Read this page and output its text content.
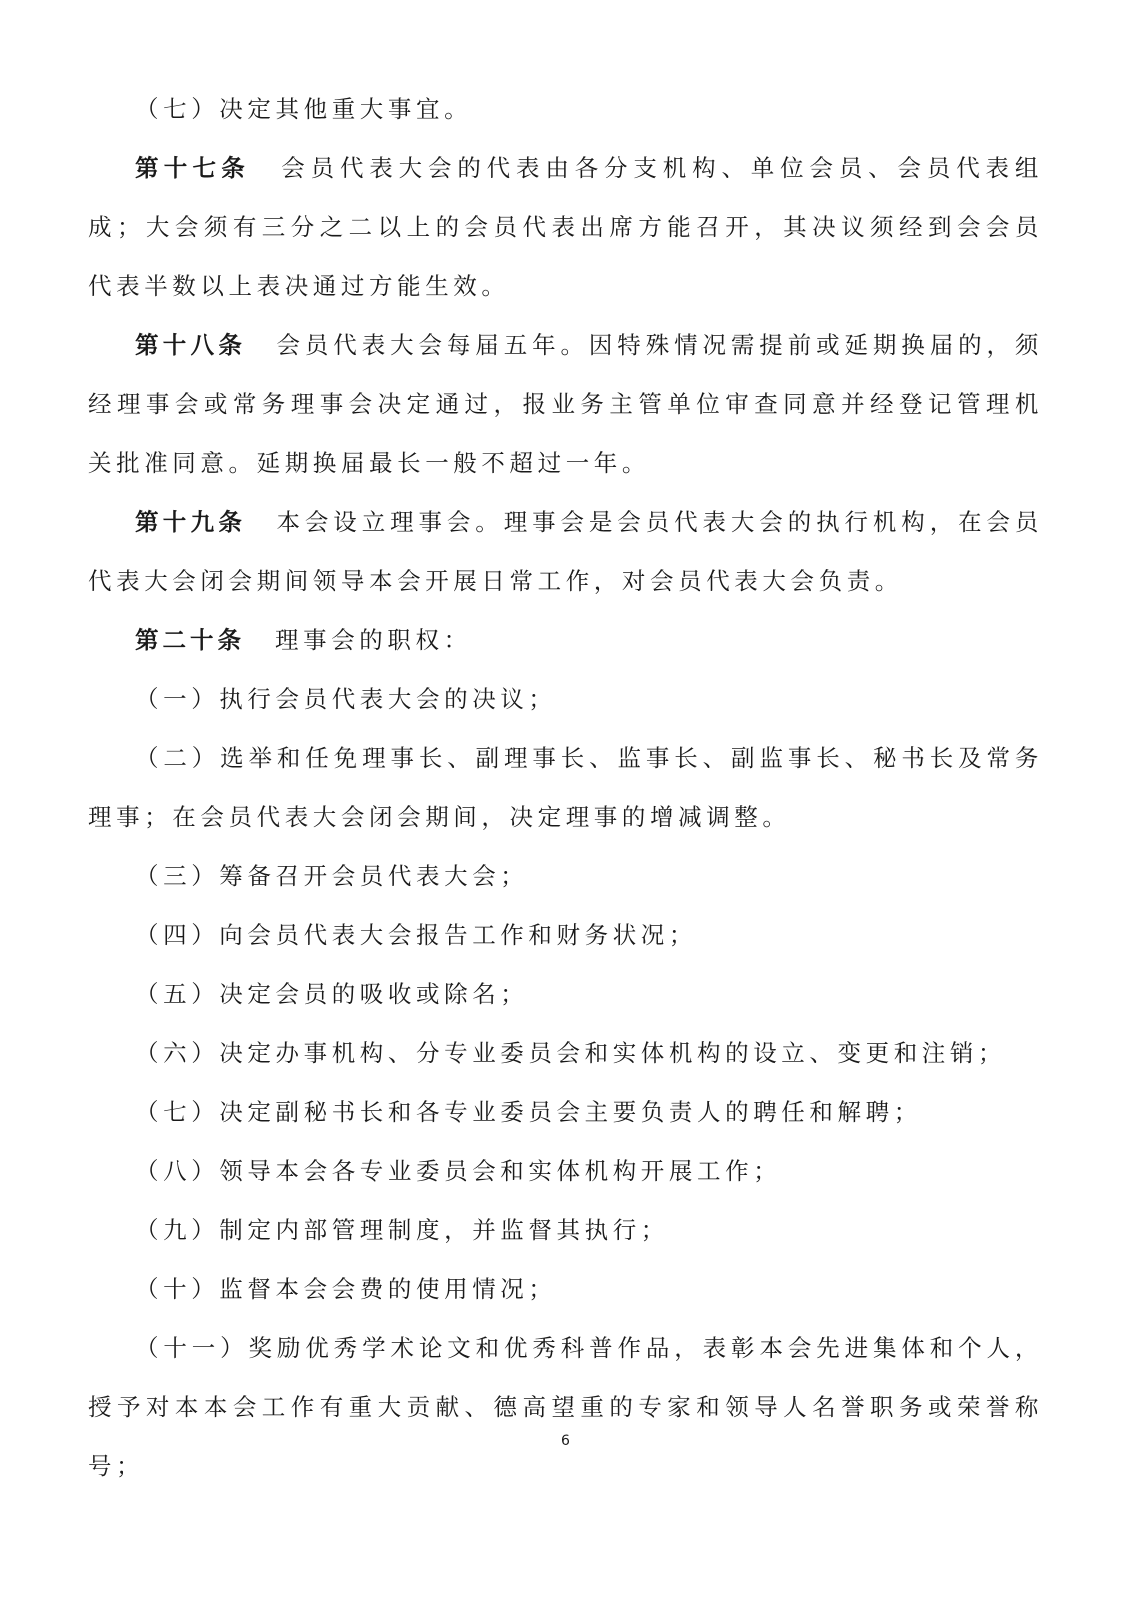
（七）决定其他重大事宜。

第十七条 会员代表大会的代表由各分支机构、单位会员、会员代表组成；大会须有三分之二以上的会员代表出席方能召开，其决议须经到会会员代表半数以上表决通过方能生效。

第十八条 会员代表大会每届五年。因特殊情况需提前或延期换届的，须经理事会或常务理事会决定通过，报业务主管单位审查同意并经登记管理机关批准同意。延期换届最长一般不超过一年。

第十九条 本会设立理事会。理事会是会员代表大会的执行机构，在会员代表大会闭会期间领导本会开展日常工作，对会员代表大会负责。

第二十条 理事会的职权：

（一）执行会员代表大会的决议；

（二）选举和任免理事长、副理事长、监事长、副监事长、秘书长及常务理事；在会员代表大会闭会期间，决定理事的增减调整。

（三）筹备召开会员代表大会；

（四）向会员代表大会报告工作和财务状况；

（五）决定会员的吸收或除名；

（六）决定办事机构、分专业委员会和实体机构的设立、变更和注销；

（七）决定副秘书长和各专业委员会主要负责人的聘任和解聘；

（八）领导本会各专业委员会和实体机构开展工作；

（九）制定内部管理制度，并监督其执行；

（十）监督本会会费的使用情况；

（十一）奖励优秀学术论文和优秀科普作品，表彰本会先进集体和个人，授予对本本会工作有重大贡献、德高望重的专家和领导人名誉职务或荣誉称号；

6
